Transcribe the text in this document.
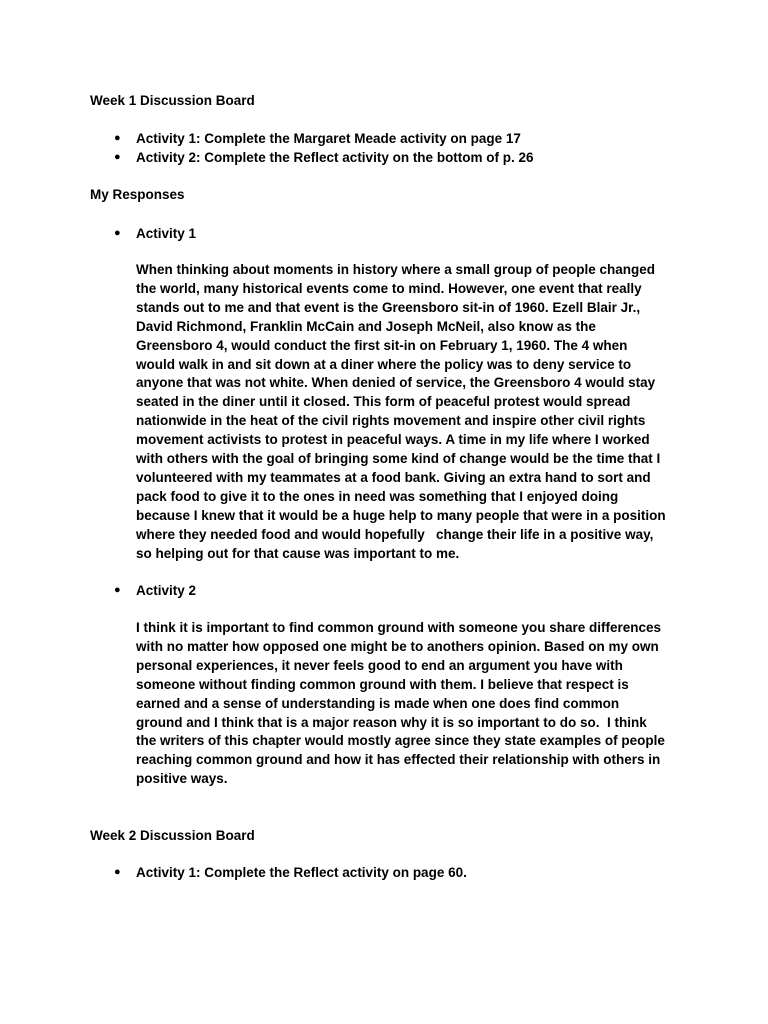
Week 1 Discussion Board
● Activity 1: Complete the Margaret Meade activity on page 17
● Activity 2: Complete the Reflect activity on the bottom of p. 26
My Responses
● Activity 1
When thinking about moments in history where a small group of people changed
the world, many historical events come to mind. However, one event that really
stands out to me and that event is the Greensboro sit-in of 1960. Ezell Blair Jr.,
David Richmond, Franklin McCain and Joseph McNeil, also know as the
Greensboro 4, would conduct the first sit-in on February 1, 1960. The 4 when
would walk in and sit down at a diner where the policy was to deny service to
anyone that was not white. When denied of service, the Greensboro 4 would stay
seated in the diner until it closed. This form of peaceful protest would spread
nationwide in the heat of the civil rights movement and inspire other civil rights
movement activists to protest in peaceful ways. A time in my life where I worked
with others with the goal of bringing some kind of change would be the time that I
volunteered with my teammates at a food bank. Giving an extra hand to sort and
pack food to give it to the ones in need was something that I enjoyed doing
because I knew that it would be a huge help to many people that were in a position
where they needed food and would hopefully   change their life in a positive way,
so helping out for that cause was important to me.
● Activity 2
I think it is important to find common ground with someone you share differences
with no matter how opposed one might be to anothers opinion. Based on my own
personal experiences, it never feels good to end an argument you have with
someone without finding common ground with them. I believe that respect is
earned and a sense of understanding is made when one does find common
ground and I think that is a major reason why it is so important to do so.  I think
the writers of this chapter would mostly agree since they state examples of people
reaching common ground and how it has effected their relationship with others in
positive ways.
Week 2 Discussion Board
● Activity 1: Complete the Reflect activity on page 60.
